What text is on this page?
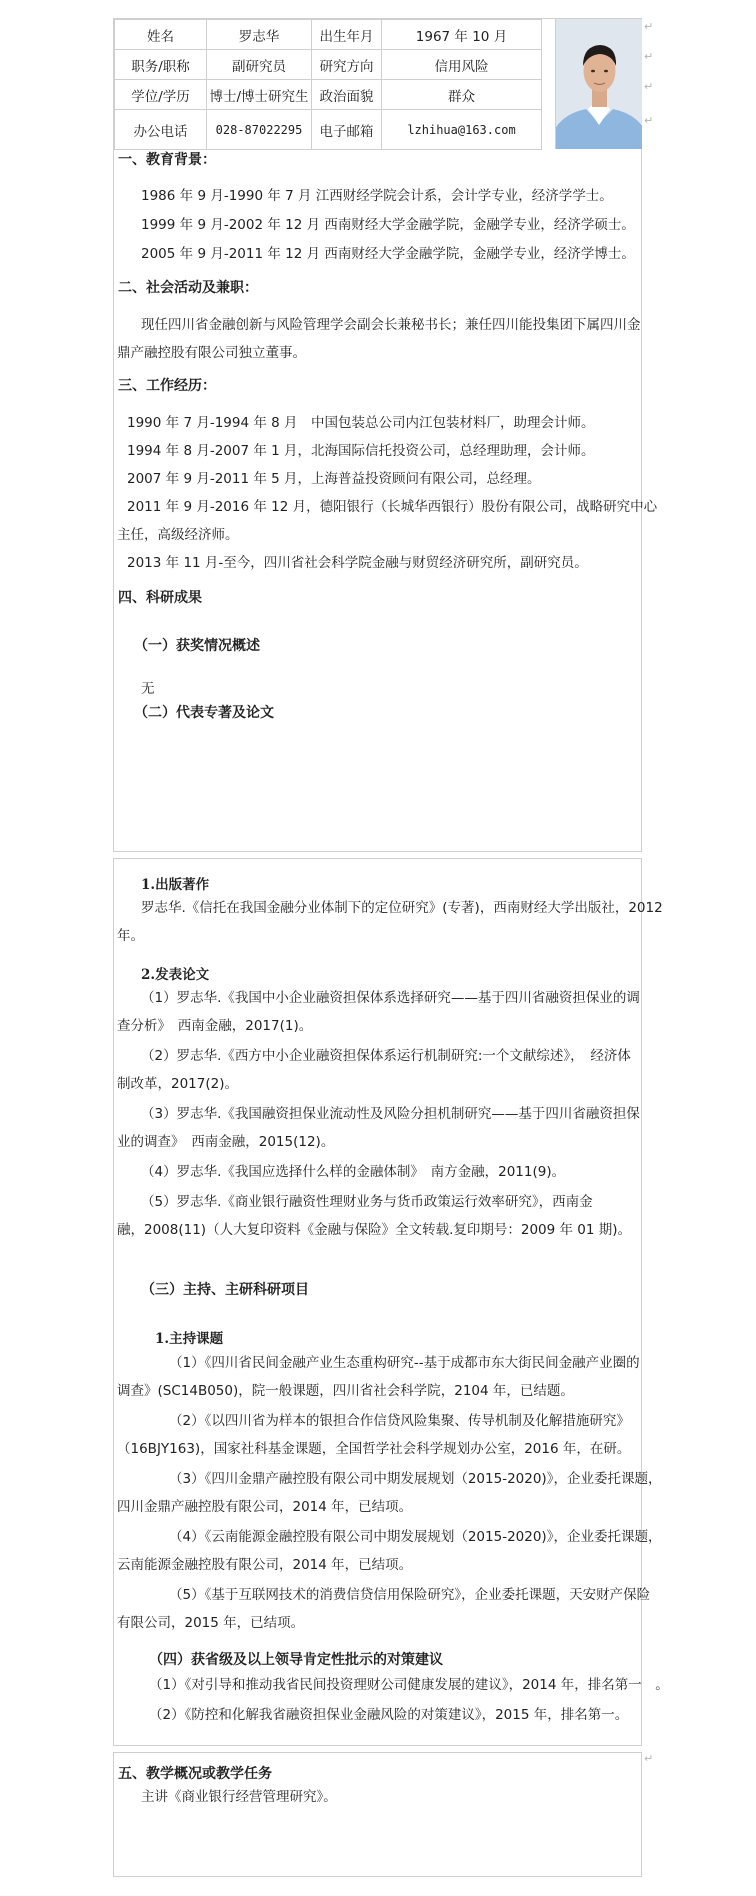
姓名	罗志华	出生年月	1967 年 10 月
职务/职称	副研究员	研究方向	信用风险
学位/学历	博士/博士研究生	政治面貌	群众
办公电话	028-87022295	电子邮箱	lzhihua@163.com
一、教育背景：
1986 年 9 月-1990 年 7 月 江西财经学院会计系，会计学专业，经济学学士。
1999 年 9 月-2002 年 12 月 西南财经大学金融学院，金融学专业，经济学硕士。
2005 年 9 月-2011 年 12 月 西南财经大学金融学院，金融学专业，经济学博士。
二、社会活动及兼职：
现任四川省金融创新与风险管理学会副会长兼秘书长；兼任四川能投集团下属四川金
鼎产融控股有限公司独立董事。
三、工作经历：
1990 年 7 月-1994 年 8 月　中国包装总公司内江包装材料厂，助理会计师。
1994 年 8 月-2007 年 1 月，北海国际信托投资公司，总经理助理，会计师。
2007 年 9 月-2011 年 5 月，上海普益投资顾问有限公司，总经理。
2011 年 9 月-2016 年 12 月，德阳银行（长城华西银行）股份有限公司，战略研究中心
主任，高级经济师。
2013 年 11 月-至今，四川省社会科学院金融与财贸经济研究所，副研究员。
四、科研成果
（一）获奖情况概述
无
（二）代表专著及论文
1.出版著作
罗志华.《信托在我国金融分业体制下的定位研究》(专著)，西南财经大学出版社，2012
年。
2.发表论文
（1）罗志华.《我国中小企业融资担保体系选择研究——基于四川省融资担保业的调
查分析》　西南金融，2017(1)。
（2）罗志华.《西方中小企业融资担保体系运行机制研究:一个文献综述》，　经济体
制改革，2017(2)。
（3）罗志华.《我国融资担保业流动性及风险分担机制研究——基于四川省融资担保
业的调查》　西南金融，2015(12)。
（4）罗志华.《我国应选择什么样的金融体制》　南方金融，2011(9)。
（5）罗志华.《商业银行融资性理财业务与货币政策运行效率研究》，西南金
融，2008(11)（人大复印资料《金融与保险》全文转载.复印期号：2009 年 01 期)。
（三）主持、主研科研项目
1.主持课题
（1）《四川省民间金融产业生态重构研究--基于成都市东大街民间金融产业圈的
调查》(SC14B050)，院一般课题，四川省社会科学院，2104 年，已结题。
（2）《以四川省为样本的银担合作信贷风险集聚、传导机制及化解措施研究》
（16BJY163)，国家社科基金课题，全国哲学社会科学规划办公室，2016 年，在研。
（3）《四川金鼎产融控股有限公司中期发展规划（2015-2020)》，企业委托课题，
四川金鼎产融控股有限公司，2014 年，已结项。
（4）《云南能源金融控股有限公司中期发展规划（2015-2020)》，企业委托课题，
云南能源金融控股有限公司，2014 年，已结项。
（5）《基于互联网技术的消费信贷信用保险研究》，企业委托课题，天安财产保险
有限公司，2015 年，已结项。
（四）获省级及以上领导肯定性批示的对策建议
（1）《对引导和推动我省民间投资理财公司健康发展的建议》，2014 年，排名第一　。
（2）《防控和化解我省融资担保业金融风险的对策建议》，2015 年，排名第一。
五、教学概况或教学任务
主讲《商业银行经营管理研究》。
↵
↵
↵
↵
↵
